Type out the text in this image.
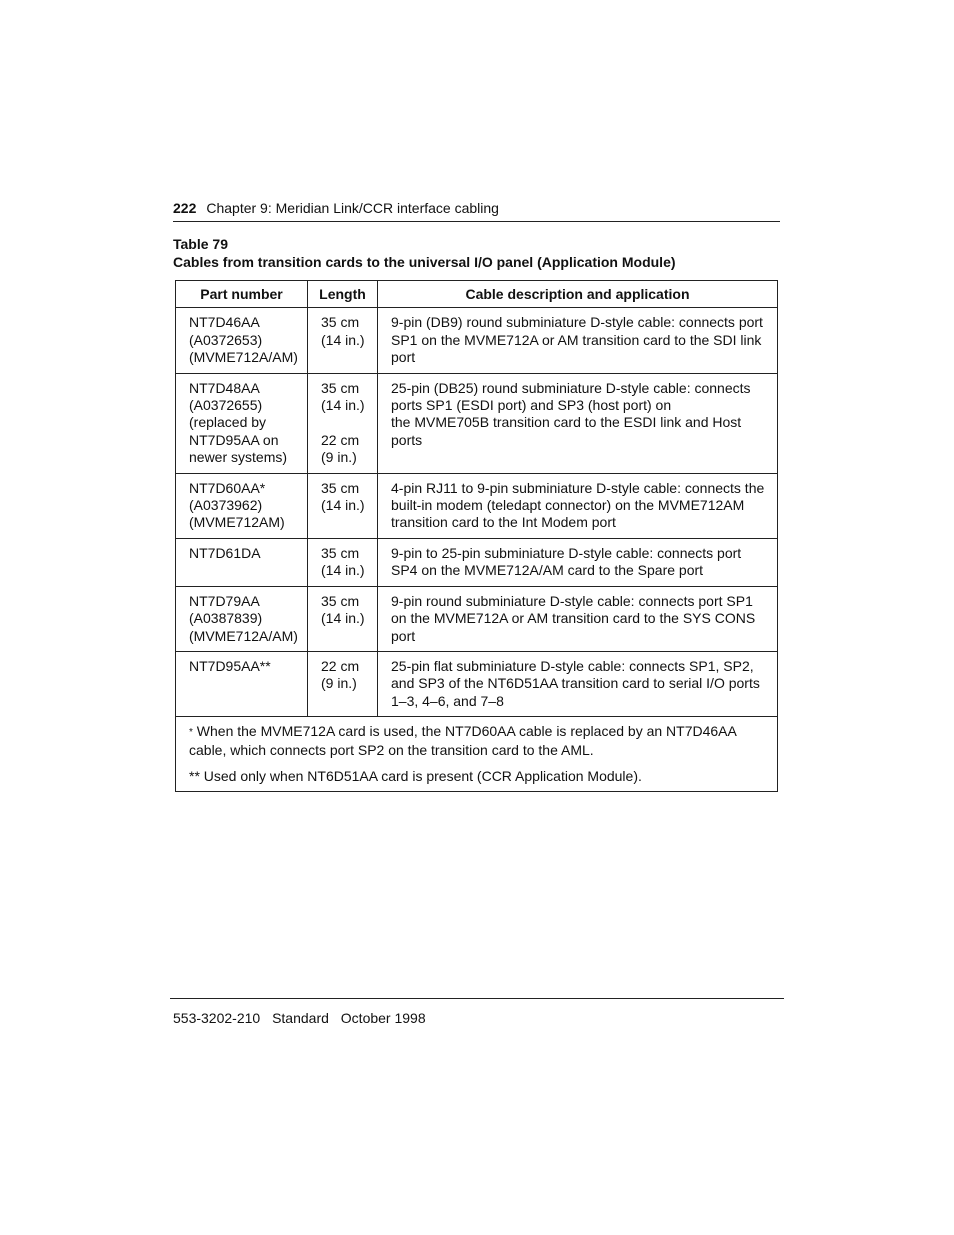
222 Chapter 9: Meridian Link/CCR interface cabling
Table 79
Cables from transition cards to the universal I/O panel (Application Module)
Part number	Length	Cable description and application

NT7D46AA
(A0372653)
(MVME712A/AM)	35 cm
(14 in.)	9-pin (DB9) round subminiature D-style cable: connects port
SP1 on the MVME712A or AM transition card to the SDI link
port

NT7D48AA
(A0372655)
(replaced by
NT7D95AA on
newer systems)	35 cm
(14 in.)
22 cm
(9 in.)	25-pin (DB25) round subminiature D-style cable: connects
ports SP1 (ESDI port) and SP3 (host port) on
the MVME705B transition card to the ESDI link and Host
ports

NT7D60AA*
(A0373962)
(MVME712AM)	35 cm
(14 in.)	4-pin RJ11 to 9-pin subminiature D-style cable: connects the
built-in modem (teledapt connector) on the MVME712AM
transition card to the Int Modem port

NT7D61DA	35 cm
(14 in.)	9-pin to 25-pin subminiature D-style cable: connects port
SP4 on the MVME712A/AM card to the Spare port

NT7D79AA
(A0387839)
(MVME712A/AM)	35 cm
(14 in.)	9-pin round subminiature D-style cable: connects port SP1
on the MVME712A or AM transition card to the SYS CONS
port

NT7D95AA**	22 cm
(9 in.)	25-pin flat subminiature D-style cable: connects SP1, SP2,
and SP3 of the NT6D51AA transition card to serial I/O ports
1–3, 4–6, and 7–8

* When the MVME712A card is used, the NT7D60AA cable is replaced by an NT7D46AA
cable, which connects port SP2 on the transition card to the AML.
** Used only when NT6D51AA card is present (CCR Application Module).		
553-3202-210 Standard October 1998
